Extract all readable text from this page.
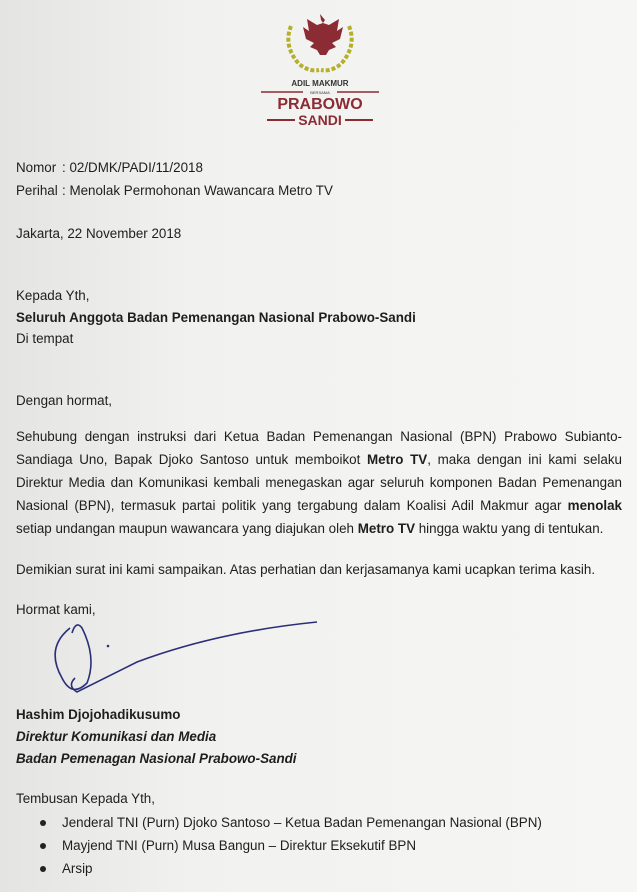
ADIL MAKMUR
BERSAMA
PRABOWO
SANDI
Nomor : 02/DMK/PADI/11/2018
Perihal : Menolak Permohonan Wawancara Metro TV
Jakarta, 22 November 2018
Kepada Yth,
Seluruh Anggota Badan Pemenangan Nasional Prabowo-Sandi
Di tempat
Dengan hormat,
Sehubung dengan instruksi dari Ketua Badan Pemenangan Nasional (BPN) Prabowo Subianto-Sandiaga Uno, Bapak Djoko Santoso untuk memboikot Metro TV, maka dengan ini kami selaku Direktur Media dan Komunikasi kembali menegaskan agar seluruh komponen Badan Pemenangan Nasional (BPN), termasuk partai politik yang tergabung dalam Koalisi Adil Makmur agar menolak setiap undangan maupun wawancara yang diajukan oleh Metro TV hingga waktu yang di tentukan.
Demikian surat ini kami sampaikan. Atas perhatian dan kerjasamanya kami ucapkan terima kasih.
Hormat kami,
Hashim Djojohadikusumo
Direktur Komunikasi dan Media
Badan Pemenagan Nasional Prabowo-Sandi
Tembusan Kepada Yth,
Jenderal TNI (Purn) Djoko Santoso – Ketua Badan Pemenangan Nasional (BPN)
Mayjend TNI (Purn) Musa Bangun – Direktur Eksekutif BPN
Arsip
